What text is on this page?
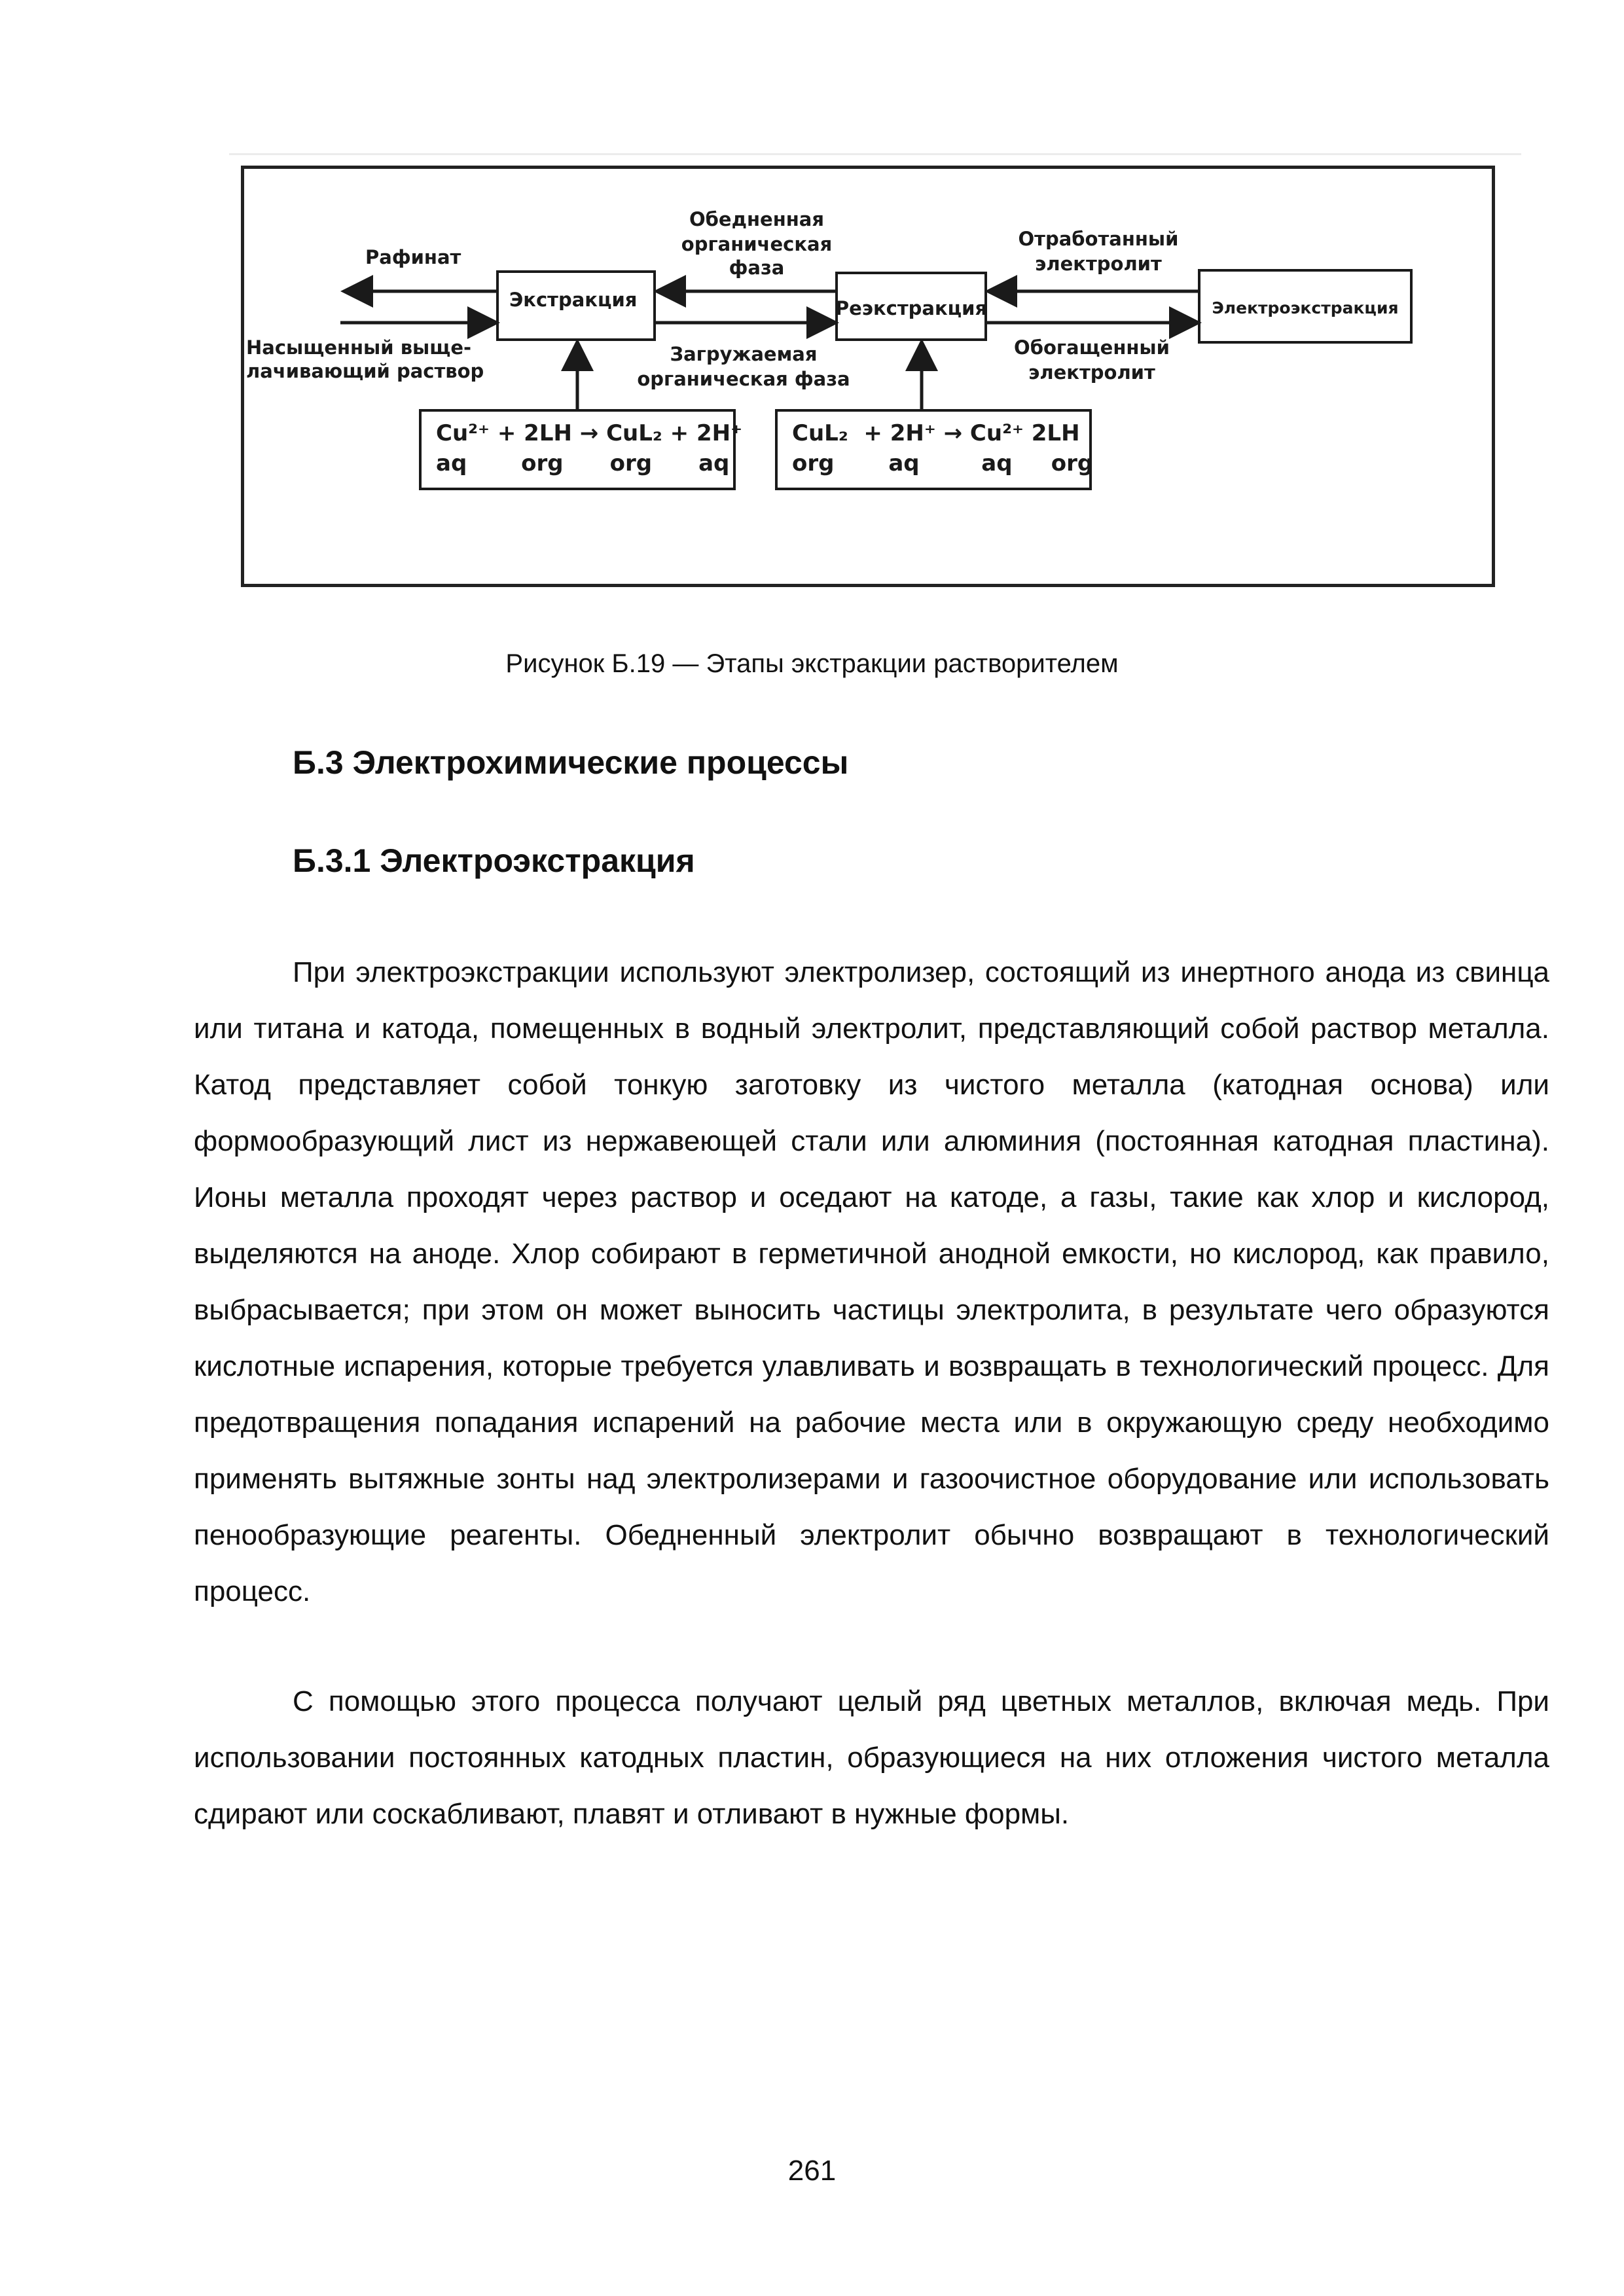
Рафинат
Экстракция
Обедненная
органическая
фаза
Реэкстракция
Отработанный
электролит
Электроэкстракция
Насыщенный выще-
лачивающий раствор
Загружаемая
органическая фаза
Обогащенный
электролит
Cu²⁺ + 2LH → CuL₂ + 2H⁺
aq       org      org      aq
CuL₂  + 2H⁺ → Cu²⁺ 2LH
org       aq        aq     org
Рисунок Б.19 — Этапы экстракции растворителем
Б.3 Электрохимические процессы
Б.3.1 Электроэкстракция

При электроэкстракции используют электролизер, состоящий из инертного анода из свинца или титана и катода, помещенных в водный электролит, представляющий собой раствор металла. Катод представляет собой тонкую заготовку из чистого металла (катодная основа) или формообразующий лист из нержавеющей стали или алюминия (постоянная катодная пластина). Ионы металла проходят через раствор и оседают на катоде, а газы, такие как хлор и кислород, выделяются на аноде. Хлор собирают в герметичной анодной емкости, но кислород, как правило, выбрасывается; при этом он может выносить частицы электролита, в результате чего образуются кислотные испарения, которые требуется улавливать и возвращать в технологический процесс. Для предотвращения попадания испарений на рабочие места или в окружающую среду необходимо применять вытяжные зонты над электролизерами и газоочистное оборудование или использовать пенообразующие реагенты. Обедненный электролит обычно возвращают в технологический процесс.

С помощью этого процесса получают целый ряд цветных металлов, включая медь. При использовании постоянных катодных пластин, образующиеся на них отложения чистого металла сдирают или соскабливают, плавят и отливают в нужные формы.

261
